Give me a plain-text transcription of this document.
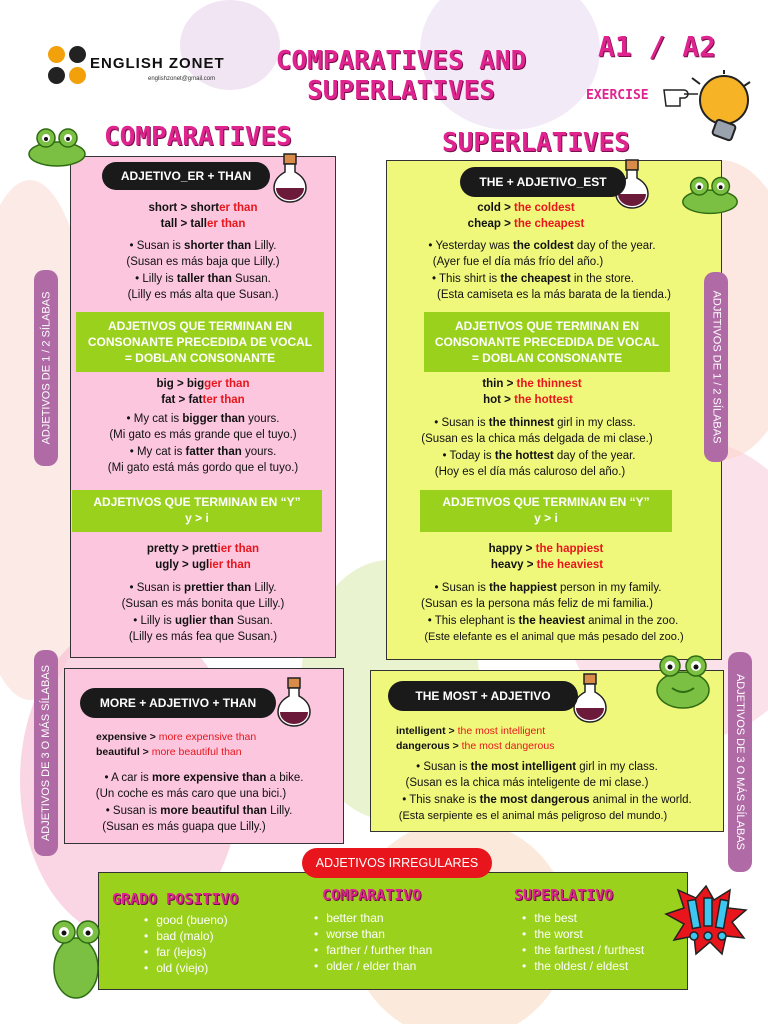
ENGLISH ZONET
englishzonet@gmail.com
COMPARATIVES AND
SUPERLATIVES
A1 / A2
EXERCISE
COMPARATIVES	SUPERLATIVES
ADJETIVO_ER + THAN
short > shorter than
tall > taller than
• Susan is shorter than Lilly.
(Susan es más baja que Lilly.)
• Lilly is taller than Susan.
(Lilly es más alta que Susan.)
ADJETIVOS QUE TERMINAN EN CONSONANTE PRECEDIDA DE VOCAL = DOBLAN CONSONANTE
big > bigger than
fat > fatter than
• My cat is bigger than yours.
(Mi gato es más grande que el tuyo.)
• My cat is fatter than yours.
(Mi gato está más gordo que el tuyo.)
ADJETIVOS QUE TERMINAN EN “Y”
y > i
pretty > prettier than
ugly > uglier than
• Susan is prettier than Lilly.
(Susan es más bonita que Lilly.)
• Lilly is uglier than Susan.
(Lilly es más fea que Susan.)
ADJETIVOS DE 1 / 2 SÍLABAS
MORE + ADJETIVO + THAN
expensive > more expensive than
beautiful > more beautiful than
• A car is more expensive than a bike.
(Un coche es más caro que una bici.)
• Susan is more beautiful than Lilly.
(Susan es más guapa que Lilly.)
ADJETIVOS DE 3 O MÁS SÍLABAS
THE + ADJETIVO_EST
cold > the coldest
cheap > the cheapest
• Yesterday was the coldest day of the year.
(Ayer fue el día más frío del año.)
• This shirt is the cheapest in the store.
(Esta camiseta es la más barata de la tienda.)
ADJETIVOS QUE TERMINAN EN CONSONANTE PRECEDIDA DE VOCAL = DOBLAN CONSONANTE
thin > the thinnest
hot > the hottest
• Susan is the thinnest girl in my class.
(Susan es la chica más delgada de mi clase.)
• Today is the hottest day of the year.
(Hoy es el día más caluroso del año.)
ADJETIVOS QUE TERMINAN EN “Y”
y > i
happy > the happiest
heavy > the heaviest
• Susan is the happiest person in my family.
(Susan es la persona más feliz de mi familia.)
• This elephant is the heaviest animal in the zoo.
(Este elefante es el animal que más pesado del zoo.)
ADJETIVOS DE 1 / 2 SÍLABAS
THE MOST + ADJETIVO
intelligent > the most intelligent
dangerous > the most dangerous
• Susan is the most intelligent girl in my class.
(Susan es la chica más inteligente de mi clase.)
• This snake is the most dangerous animal in the world.
(Esta serpiente es el animal más peligroso del mundo.)	ADJETIVOS DE 3 O MÁS SÍLABAS
ADJETIVOS IRREGULARES
GRADO POSITIVO
• good (bueno)
• bad (malo)
• far (lejos)
• old (viejo)
COMPARATIVO
• better than
• worse than
• farther / further than
• older / elder than
SUPERLATIVO
• the best
• the worst
• the farthest / furthest
• the oldest / eldest
